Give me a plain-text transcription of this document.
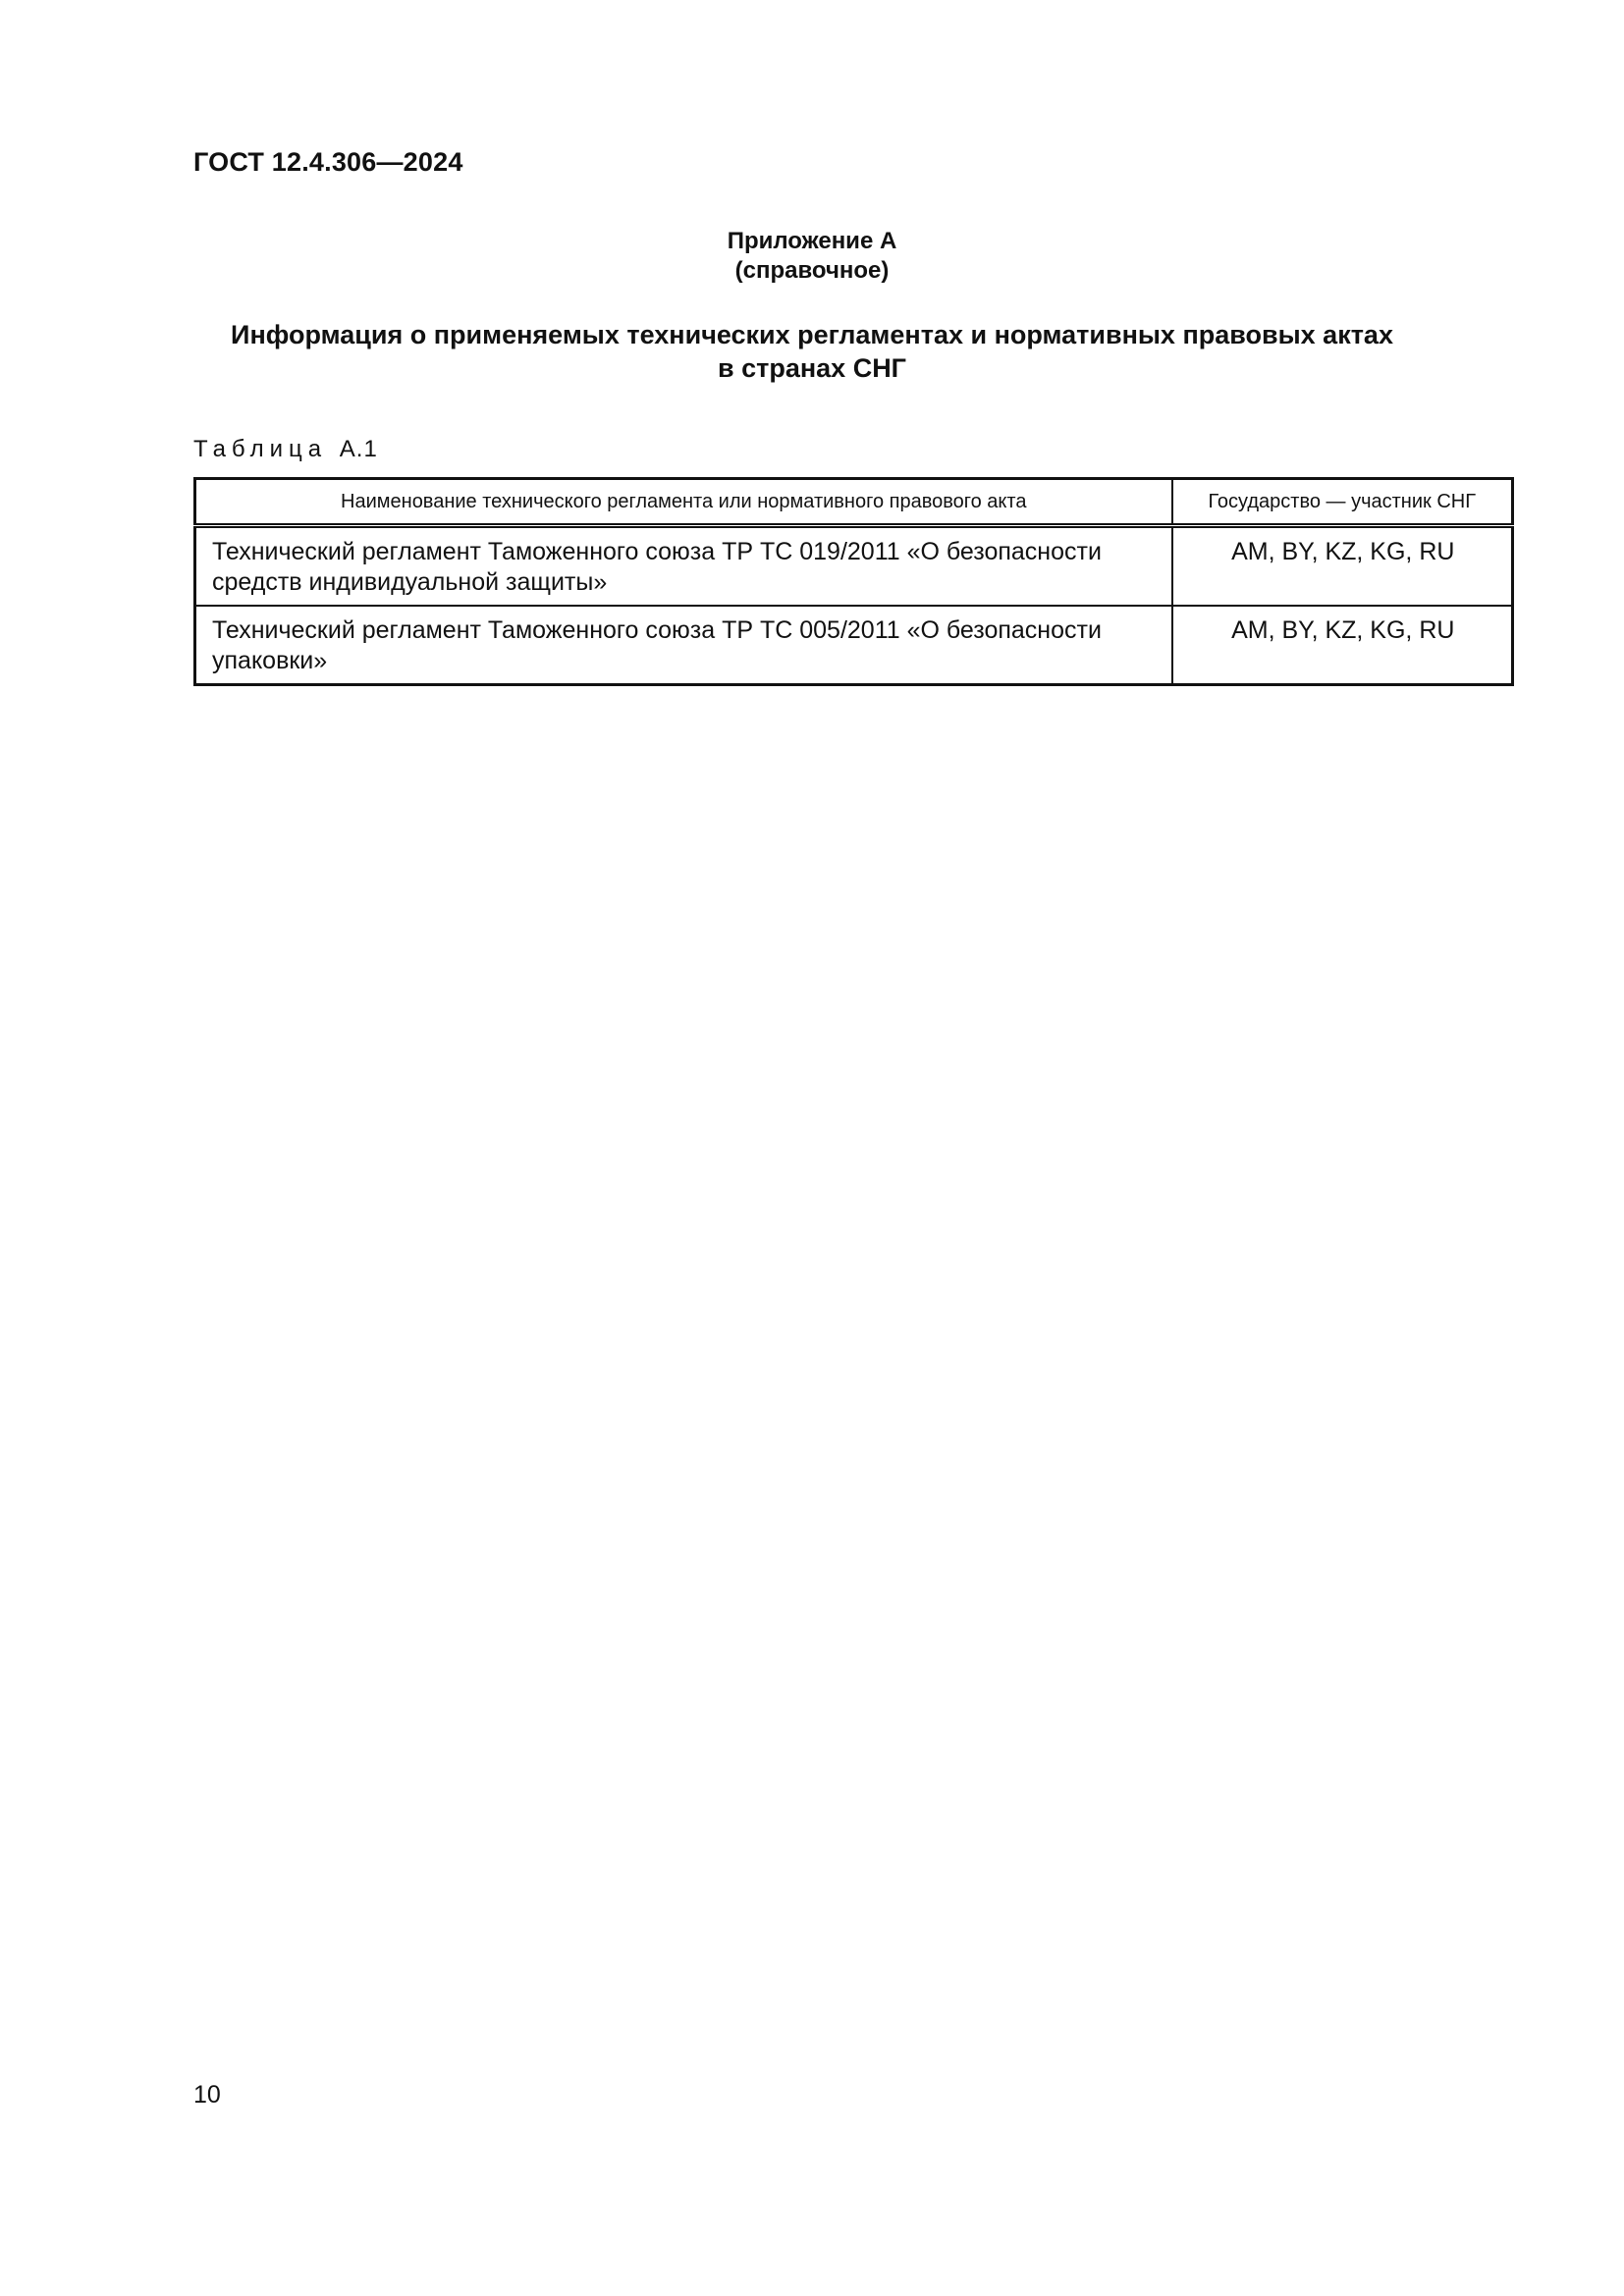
ГОСТ 12.4.306—2024
Приложение А
(справочное)
Информация о применяемых технических регламентах и нормативных правовых актах
в странах СНГ
Таблица А.1
Наименование технического регламента или нормативного правового акта	Государство — участник СНГ

Технический регламент Таможенного союза ТР ТС 019/2011 «О безопасности
средств индивидуальной защиты»	AM, BY, KZ, KG, RU

Технический регламент Таможенного союза ТР ТС 005/2011 «О безопасности
упаковки»	AM, BY, KZ, KG, RU
10
